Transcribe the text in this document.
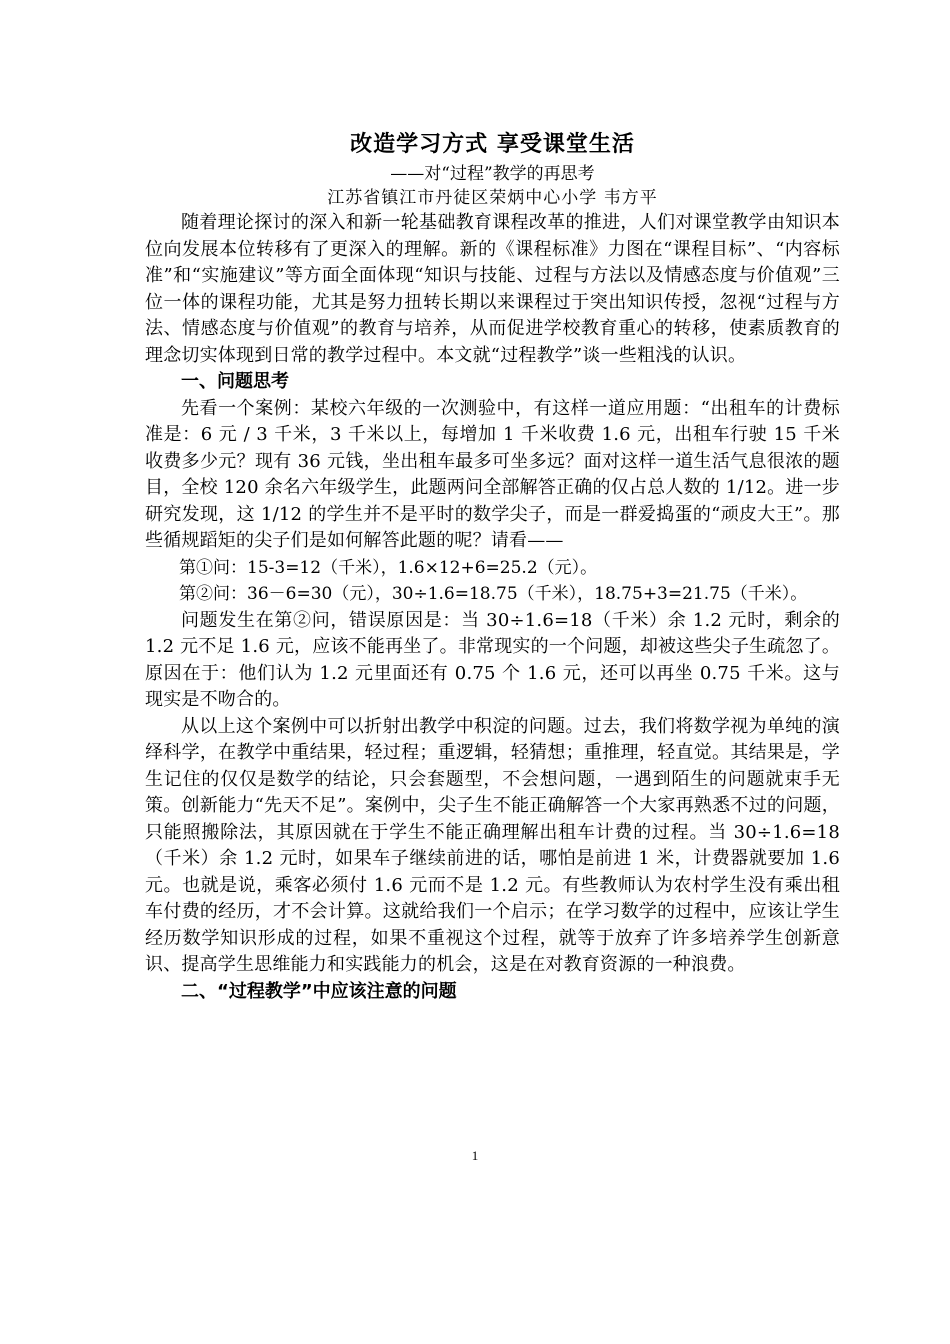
改造学习方式 享受课堂生活

——对“过程”教学的再思考

江苏省镇江市丹徒区荣炳中心小学 韦方平

随着理论探讨的深入和新一轮基础教育课程改革的推进，人们对课堂教学由知识本位向发展本位转移有了更深入的理解。新的《课程标准》力图在“课程目标”、“内容标准”和“实施建议”等方面全面体现“知识与技能、过程与方法以及情感态度与价值观”三位一体的课程功能，尤其是努力扭转长期以来课程过于突出知识传授，忽视“过程与方法、情感态度与价值观”的教育与培养，从而促进学校教育重心的转移，使素质教育的理念切实体现到日常的教学过程中。本文就“过程教学”谈一些粗浅的认识。

一、问题思考

先看一个案例：某校六年级的一次测验中，有这样一道应用题：“出租车的计费标准是：6 元 / 3 千米，3 千米以上，每增加 1 千米收费 1.6 元，出租车行驶 15 千米收费多少元？现有 36 元钱，坐出租车最多可坐多远？面对这样一道生活气息很浓的题目，全校 120 余名六年级学生，此题两问全部解答正确的仅占总人数的 1/12。进一步研究发现，这 1/12 的学生并不是平时的数学尖子，而是一群爱捣蛋的“顽皮大王”。那些循规蹈矩的尖子们是如何解答此题的呢？请看——

第①问：15-3=12（千米），1.6×12+6=25.2（元）。

第②问：36－6=30（元），30÷1.6=18.75（千米），18.75+3=21.75（千米）。

问题发生在第②问，错误原因是：当 30÷1.6=18（千米）余 1.2 元时，剩余的 1.2 元不足 1.6 元，应该不能再坐了。非常现实的一个问题，却被这些尖子生疏忽了。原因在于：他们认为 1.2 元里面还有 0.75 个 1.6 元，还可以再坐 0.75 千米。这与现实是不吻合的。

从以上这个案例中可以折射出教学中积淀的问题。过去，我们将数学视为单纯的演绎科学，在教学中重结果，轻过程；重逻辑，轻猜想；重推理，轻直觉。其结果是，学生记住的仅仅是数学的结论，只会套题型，不会想问题，一遇到陌生的问题就束手无策。创新能力“先天不足”。案例中，尖子生不能正确解答一个大家再熟悉不过的问题，只能照搬除法，其原因就在于学生不能正确理解出租车计费的过程。当 30÷1.6=18（千米）余 1.2 元时，如果车子继续前进的话，哪怕是前进 1 米，计费器就要加 1.6 元。也就是说，乘客必须付 1.6 元而不是 1.2 元。有些教师认为农村学生没有乘出租车付费的经历，才不会计算。这就给我们一个启示；在学习数学的过程中，应该让学生经历数学知识形成的过程，如果不重视这个过程，就等于放弃了许多培养学生创新意识、提高学生思维能力和实践能力的机会，这是在对教育资源的一种浪费。

二、“过程教学”中应该注意的问题
1
